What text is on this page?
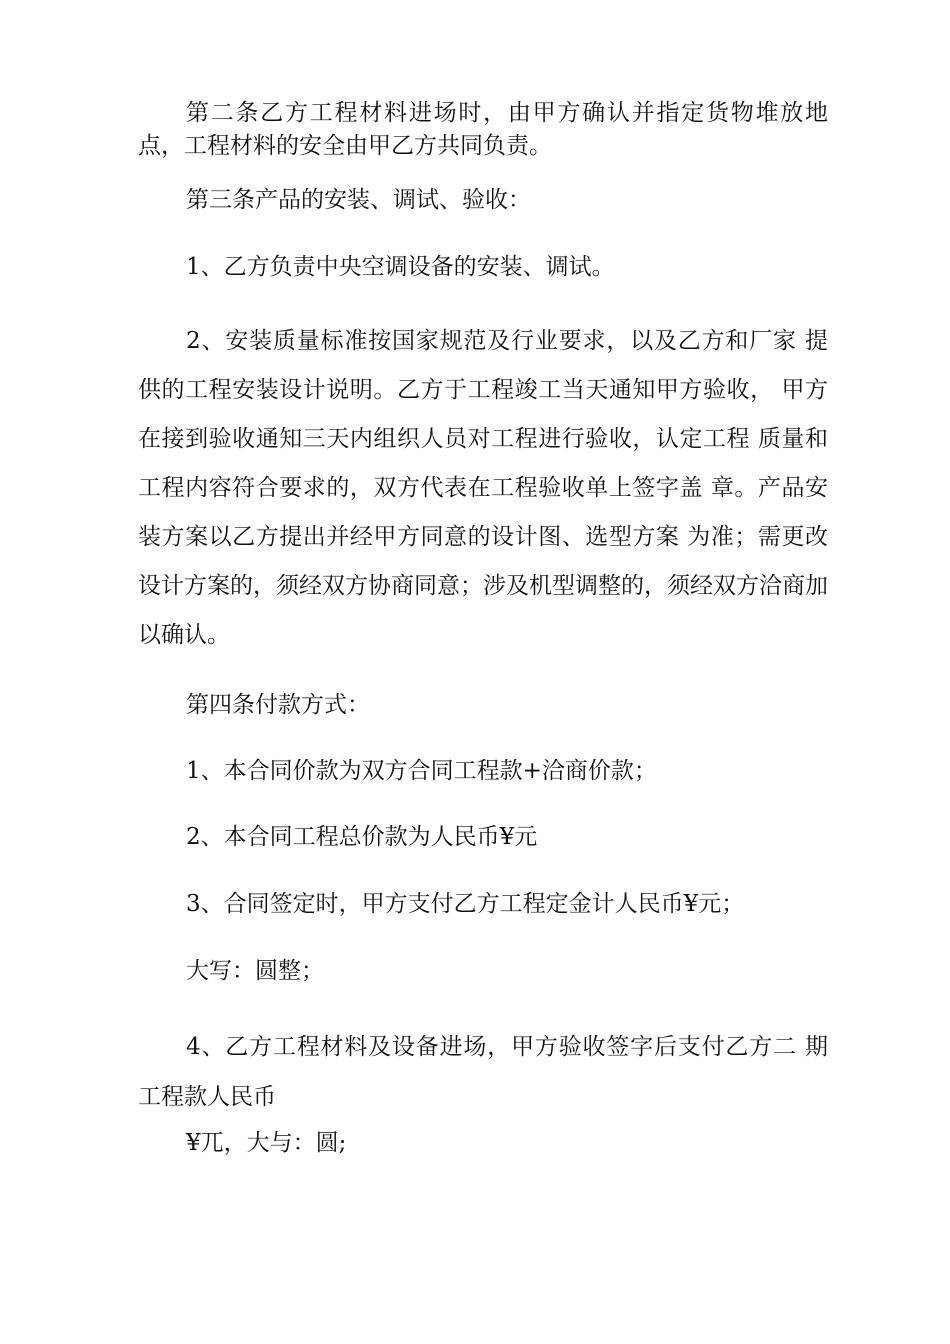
第二条乙方工程材料进场时，由甲方确认并指定货物堆放地点，工程材料的安全由甲乙方共同负责。

第三条产品的安装、调试、验收：

1、乙方负责中央空调设备的安装、调试。

2、安装质量标准按国家规范及行业要求，以及乙方和厂家 提供的工程安装设计说明。乙方于工程竣工当天通知甲方验收， 甲方在接到验收通知三天内组织人员对工程进行验收，认定工程 质量和工程内容符合要求的，双方代表在工程验收单上签字盖 章。产品安装方案以乙方提出并经甲方同意的设计图、选型方案 为准；需更改设计方案的，须经双方协商同意；涉及机型调整的，须经双方洽商加以确认。

第四条付款方式：

1、本合同价款为双方合同工程款+洽商价款；

2、本合同工程总价款为人民币¥元

3、合同签定时，甲方支付乙方工程定金计人民币¥元；

大写：圆整；

4、乙方工程材料及设备进场，甲方验收签字后支付乙方二 期工程款人民币

¥兀，大与：圆;
